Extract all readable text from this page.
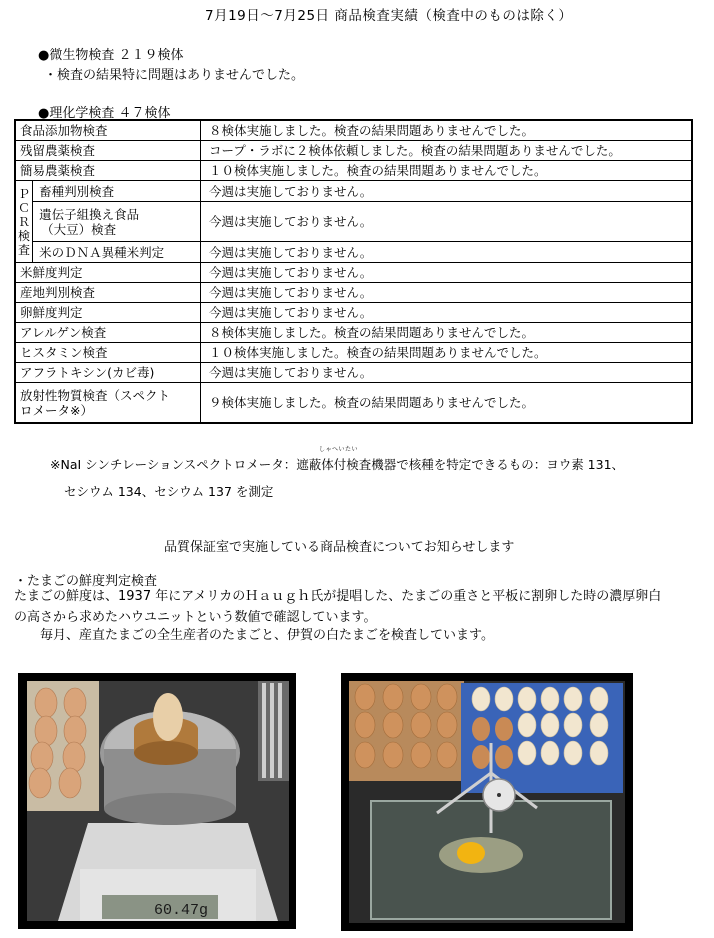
7月19日～7月25日 商品検査実績（検査中のものは除く）
●微生物検査 ２１９検体
・検査の結果特に問題はありませんでした。
●理化学検査 ４７検体
食品添加物検査		８検体実施しました。検査の結果問題ありませんでした。
残留農薬検査		コープ・ラボに２検体依頼しました。検査の結果問題ありませんでした。
簡易農薬検査		１０検体実施しました。検査の結果問題ありませんでした。
ＰＣＲ検査	畜種判別検査	今週は実施しておりません。

	遺伝子組換え食品
（大豆）検査	今週は実施しておりません。
	米のＤＮＡ異種米判定	今週は実施しておりません。
米鮮度判定		今週は実施しておりません。
産地判別検査		今週は実施しておりません。
卵鮮度判定		今週は実施しておりません。
アレルゲン検査		８検体実施しました。検査の結果問題ありませんでした。
ヒスタミン検査		１０検体実施しました。検査の結果問題ありませんでした。
アフラトキシン(カビ毒)		今週は実施しておりません。

放射性物質検査（スペクト
ロメータ※）		９検体実施しました。検査の結果問題ありませんでした。
しゃへいたい
※NaI シンチレーションスペクトロメータ：遮蔽体付検査機器で核種を特定できるもの：ヨウ素 131、
セシウム 134、セシウム 137 を測定
品質保証室で実施している商品検査についてお知らせします
・たまごの鮮度判定検査
たまごの鮮度は、1937 年にアメリカのＨａｕｇｈ氏が提唱した、たまごの重さと平板に割卵した時の濃厚卵白
の高さから求めたハウユニットという数値で確認しています。
毎月、産直たまごの全生産者のたまごと、伊賀の白たまごを検査しています。
60.47g
